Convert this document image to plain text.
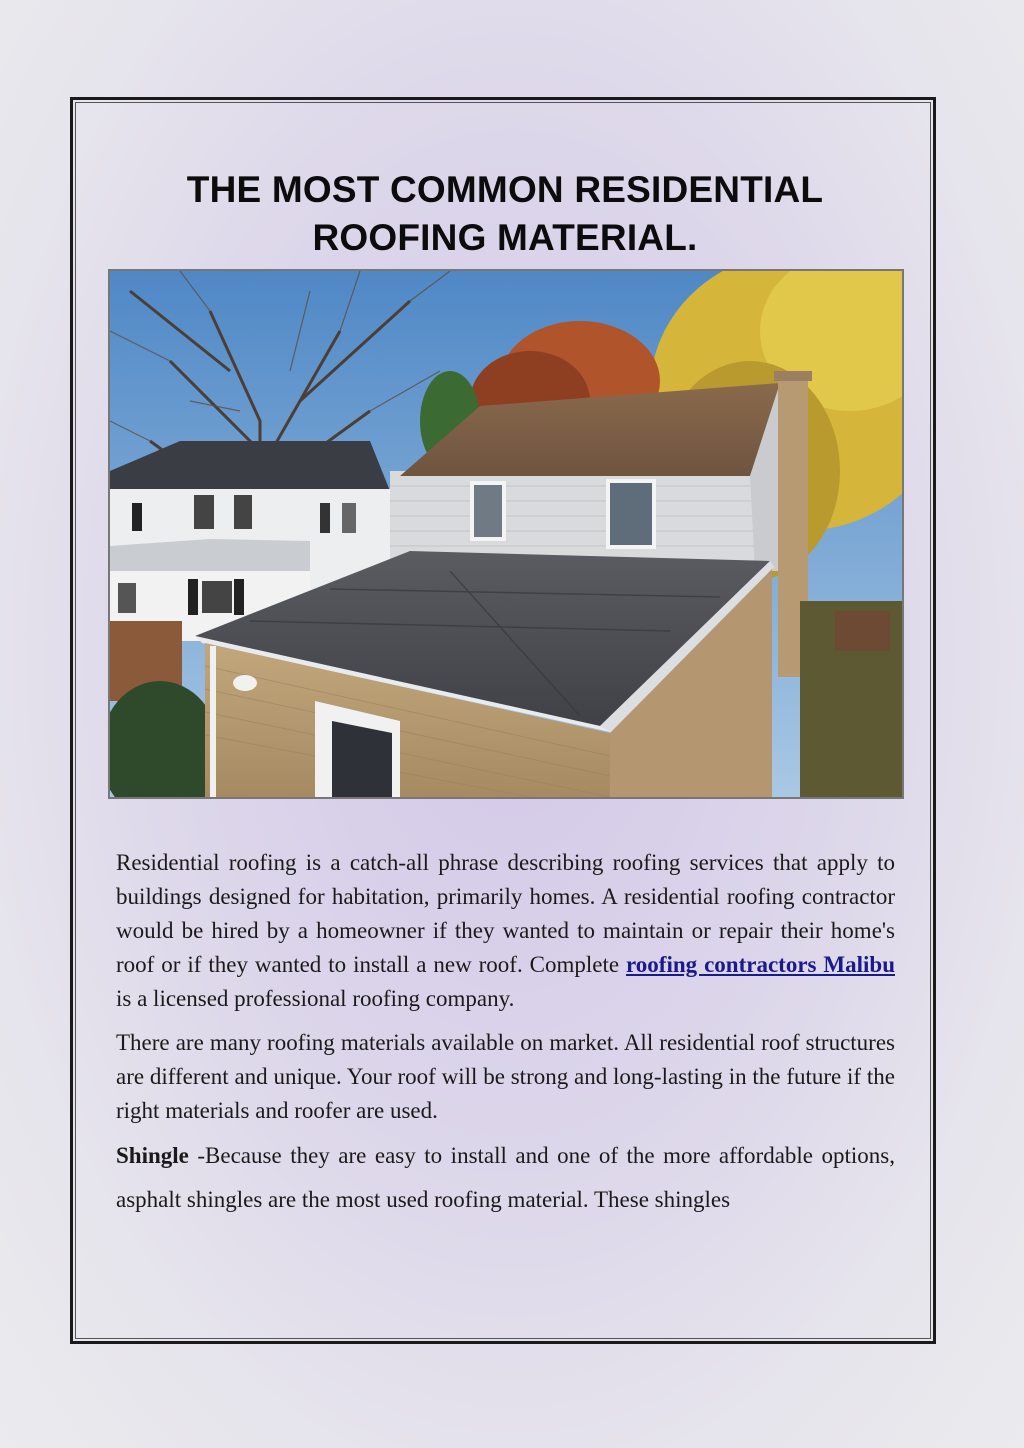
THE MOST COMMON RESIDENTIAL
ROOFING MATERIAL.

Residential roofing is a catch-all phrase describing roofing services that apply to buildings designed for habitation, primarily homes. A residential roofing contractor would be hired by a homeowner if they wanted to maintain or repair their home's roof or if they wanted to install a new roof. Complete roofing contractors Malibu is a licensed professional roofing company.

There are many roofing materials available on market. All residential roof structures are different and unique. Your roof will be strong and long-lasting in the future if the right materials and roofer are used.

Shingle -Because they are easy to install and one of the more affordable options, asphalt shingles are the most used roofing material. These shingles
